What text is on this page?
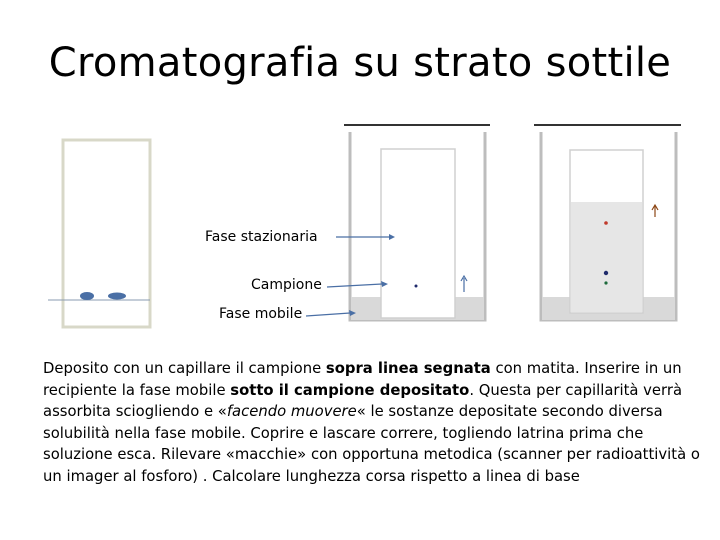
Cromatografia su strato sottile
Fase stazionaria
Campione
Fase mobile
Deposito con un capillare il campione sopra linea segnata con matita. Inserire in un recipiente la fase mobile sotto il campione depositato. Questa per capillarità verrà assorbita sciogliendo e «facendo muovere« le sostanze depositate secondo diversa solubilità nella fase mobile. Coprire e lascare correre, togliendo latrina prima che soluzione esca. Rilevare «macchie» con opportuna metodica (scanner per radioattività o un imager al fosforo) . Calcolare lunghezza corsa rispetto a linea di base
